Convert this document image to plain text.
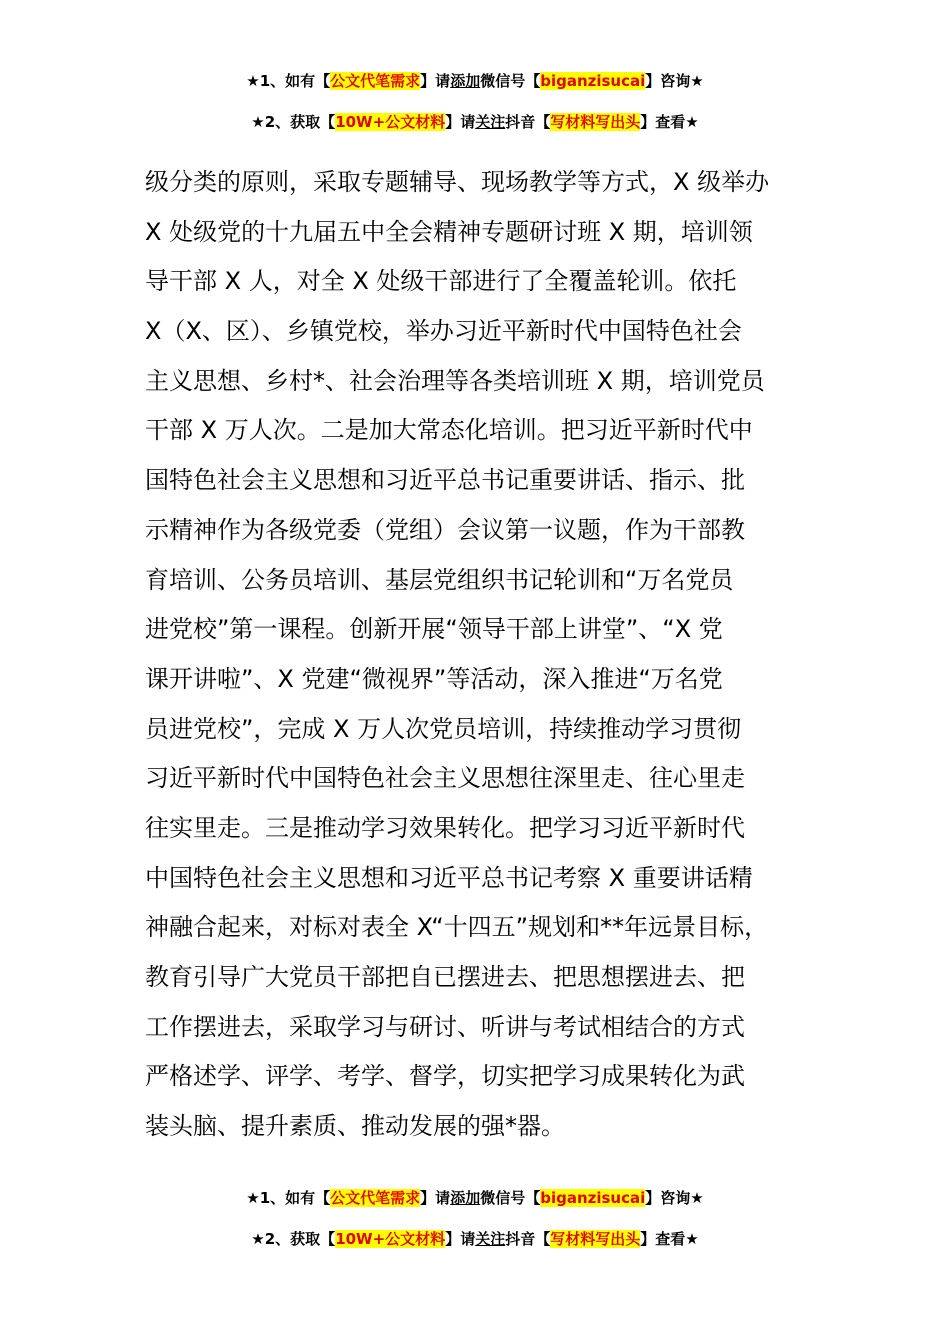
★1、如有【公文代笔需求】请添加微信号【biganzisucai】咨询★
★2、获取【10W+公文材料】请关注抖音【写材料写出头】查看★
级分类的原则，采取专题辅导、现场教学等方式，X 级举办
X 处级党的十九届五中全会精神专题研讨班 X 期，培训领
导干部 X 人，对全 X 处级干部进行了全覆盖轮训。依托
X（X、区）、乡镇党校，举办习近平新时代中国特色社会
主义思想、乡村*、社会治理等各类培训班 X 期，培训党员
干部 X 万人次。二是加大常态化培训。把习近平新时代中
国特色社会主义思想和习近平总书记重要讲话、指示、批
示精神作为各级党委（党组）会议第一议题，作为干部教
育培训、公务员培训、基层党组织书记轮训和“万名党员
进党校”第一课程。创新开展“领导干部上讲堂”、“X 党
课开讲啦”、X 党建“微视界”等活动，深入推进“万名党
员进党校”，完成 X 万人次党员培训，持续推动学习贯彻
习近平新时代中国特色社会主义思想往深里走、往心里走
往实里走。三是推动学习效果转化。把学习习近平新时代
中国特色社会主义思想和习近平总书记考察 X 重要讲话精
神融合起来，对标对表全 X“十四五”规划和**年远景目标，
教育引导广大党员干部把自已摆进去、把思想摆进去、把
工作摆进去，采取学习与研讨、听讲与考试相结合的方式
严格述学、评学、考学、督学，切实把学习成果转化为武
装头脑、提升素质、推动发展的强*器。
★1、如有【公文代笔需求】请添加微信号【biganzisucai】咨询★
★2、获取【10W+公文材料】请关注抖音【写材料写出头】查看★
